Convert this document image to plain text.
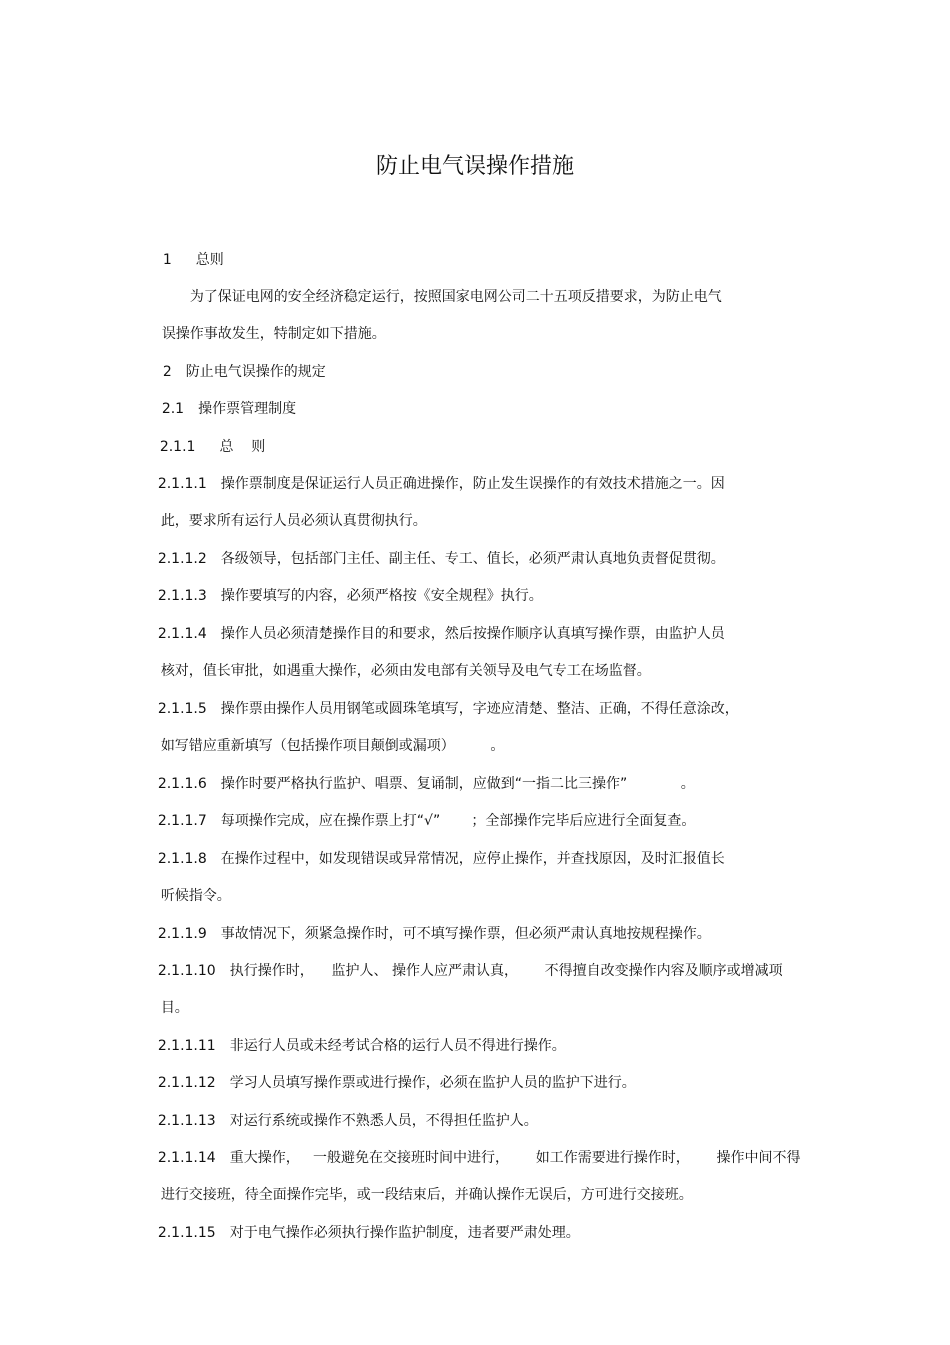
防止电气误操作措施

1 总则

为了保证电网的安全经济稳定运行，按照国家电网公司二十五项反措要求，为防止电气

误操作事故发生，特制定如下措施。

2 防止电气误操作的规定

2.1 操作票管理制度

2.1.1 总    则

2.1.1.1 操作票制度是保证运行人员正确进操作，防止发生误操作的有效技术措施之一。因

此，要求所有运行人员必须认真贯彻执行。

2.1.1.2 各级领导，包括部门主任、副主任、专工、值长，必须严肃认真地负责督促贯彻。

2.1.1.3 操作要填写的内容，必须严格按《安全规程》执行。

2.1.1.4 操作人员必须清楚操作目的和要求，然后按操作顺序认真填写操作票，由监护人员

核对，值长审批，如遇重大操作，必须由发电部有关领导及电气专工在场监督。

2.1.1.5 操作票由操作人员用钢笔或圆珠笔填写，字迹应清楚、整洁、正确，不得任意涂改，

如写错应重新填写（包括操作项目颠倒或漏项）        。

2.1.1.6 操作时要严格执行监护、唱票、复诵制，应做到“一指二比三操作”            。

2.1.1.7 每项操作完成，应在操作票上打“√”       ；全部操作完毕后应进行全面复查。

2.1.1.8 在操作过程中，如发现错误或异常情况，应停止操作，并查找原因，及时汇报值长

听候指令。

2.1.1.9 事故情况下，须紧急操作时，可不填写操作票，但必须严肃认真地按规程操作。

2.1.1.10 执行操作时，    监护人、 操作人应严肃认真，      不得擅自改变操作内容及顺序或增减项

目。

2.1.1.11 非运行人员或未经考试合格的运行人员不得进行操作。

2.1.1.12 学习人员填写操作票或进行操作，必须在监护人员的监护下进行。

2.1.1.13 对运行系统或操作不熟悉人员，不得担任监护人。

2.1.1.14 重大操作，   一般避免在交接班时间中进行，      如工作需要进行操作时，      操作中间不得

进行交接班，待全面操作完毕，或一段结束后，并确认操作无误后，方可进行交接班。

2.1.1.15 对于电气操作必须执行操作监护制度，违者要严肃处理。
